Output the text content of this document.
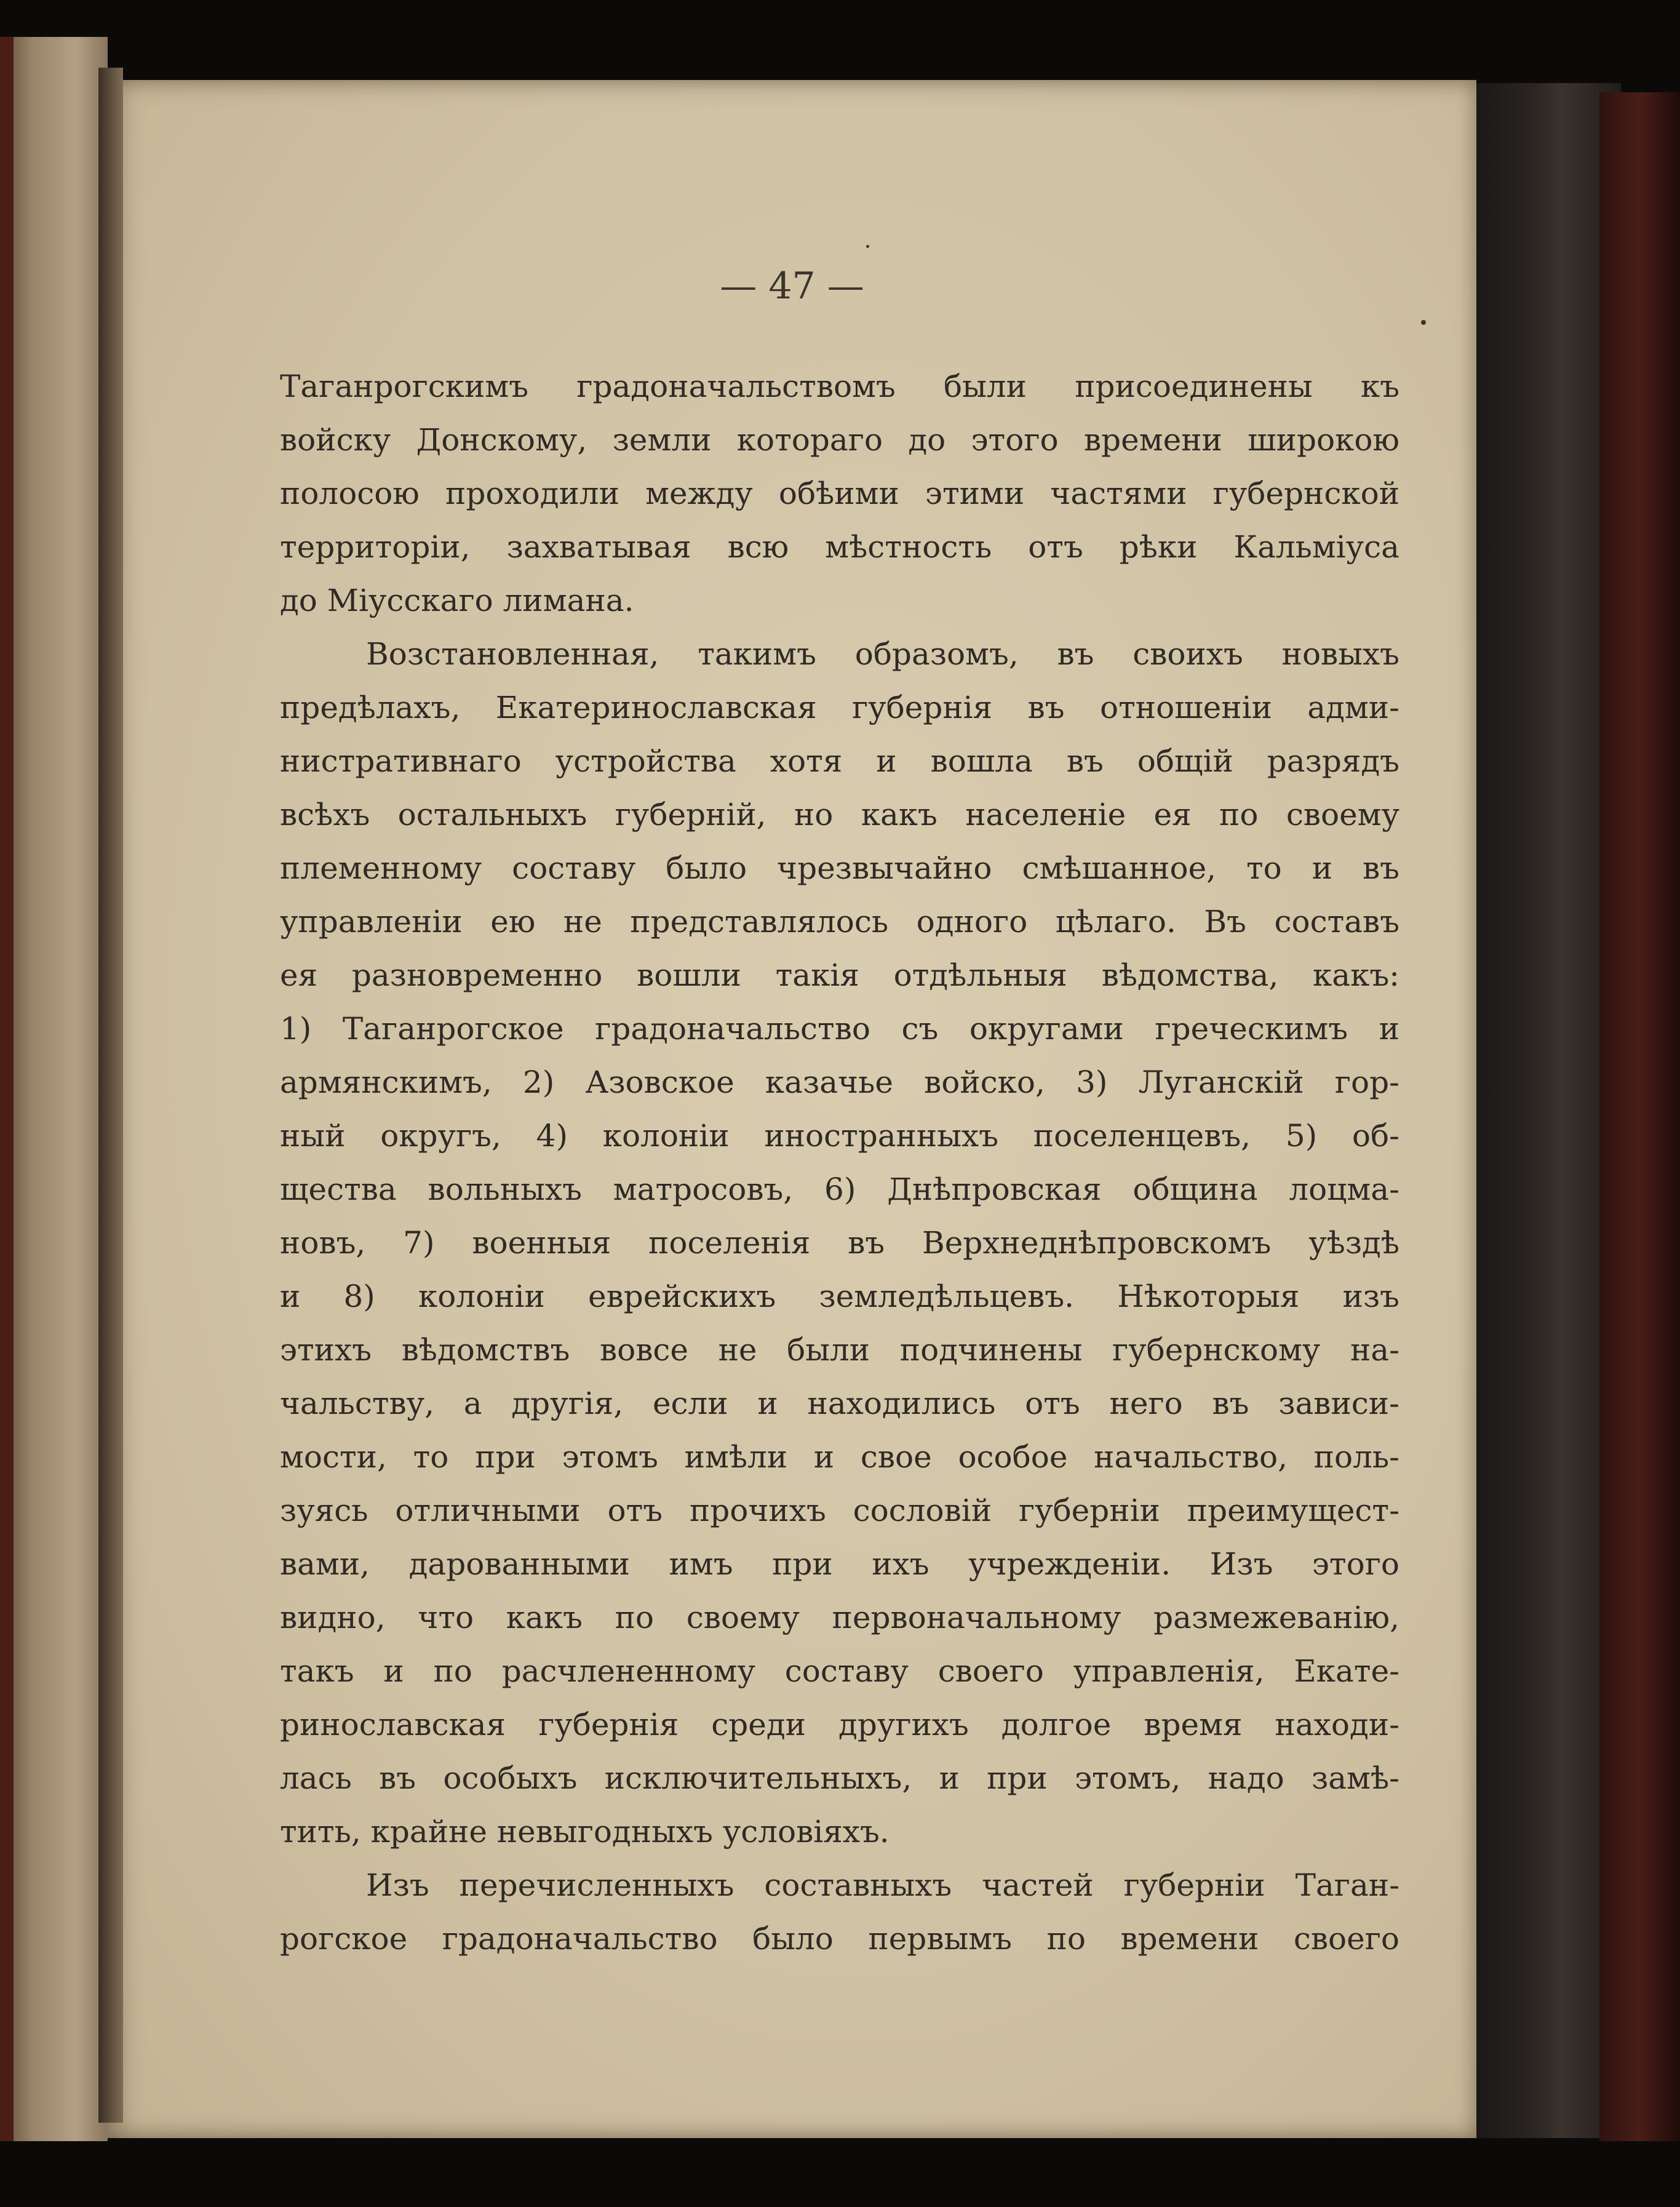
— 47 —
Таганрогскимъ градоначальствомъ были присоединены къ
войску Донскому, земли котораго до этого времени широкою
полосою проходили между обѣими этими частями губернской
территоріи, захватывая всю мѣстность отъ рѣки Кальміуса
до Міусскаго лимана.
Возстановленная, такимъ образомъ, въ своихъ новыхъ
предѣлахъ, Екатеринославская губернія въ отношеніи адми-
нистративнаго устройства хотя и вошла въ общій разрядъ
всѣхъ остальныхъ губерній, но какъ населеніе ея по своему
племенному составу было чрезвычайно смѣшанное, то и въ
управленіи ею не представлялось одного цѣлаго. Въ составъ
ея разновременно вошли такія отдѣльныя вѣдомства, какъ:
1) Таганрогское градоначальство съ округами греческимъ и
армянскимъ, 2) Азовское казачье войско, 3) Луганскій гор-
ный округъ, 4) колоніи иностранныхъ поселенцевъ, 5) об-
щества вольныхъ матросовъ, 6) Днѣпровская община лоцма-
новъ, 7) военныя поселенія въ Верхнеднѣпровскомъ уѣздѣ
и 8) колоніи еврейскихъ земледѣльцевъ. Нѣкоторыя изъ
этихъ вѣдомствъ вовсе не были подчинены губернскому на-
чальству, а другія, если и находились отъ него въ зависи-
мости, то при этомъ имѣли и свое особое начальство, поль-
зуясь отличными отъ прочихъ сословій губерніи преимущест-
вами, дарованными имъ при ихъ учрежденіи. Изъ этого
видно, что какъ по своему первоначальному размежеванію,
такъ и по расчлененному составу своего управленія, Екате-
ринославская губернія среди другихъ долгое время находи-
лась въ особыхъ исключительныхъ, и при этомъ, надо замѣ-
тить, крайне невыгодныхъ условіяхъ.
Изъ перечисленныхъ составныхъ частей губерніи Таган-
рогское градоначальство было первымъ по времени своего
